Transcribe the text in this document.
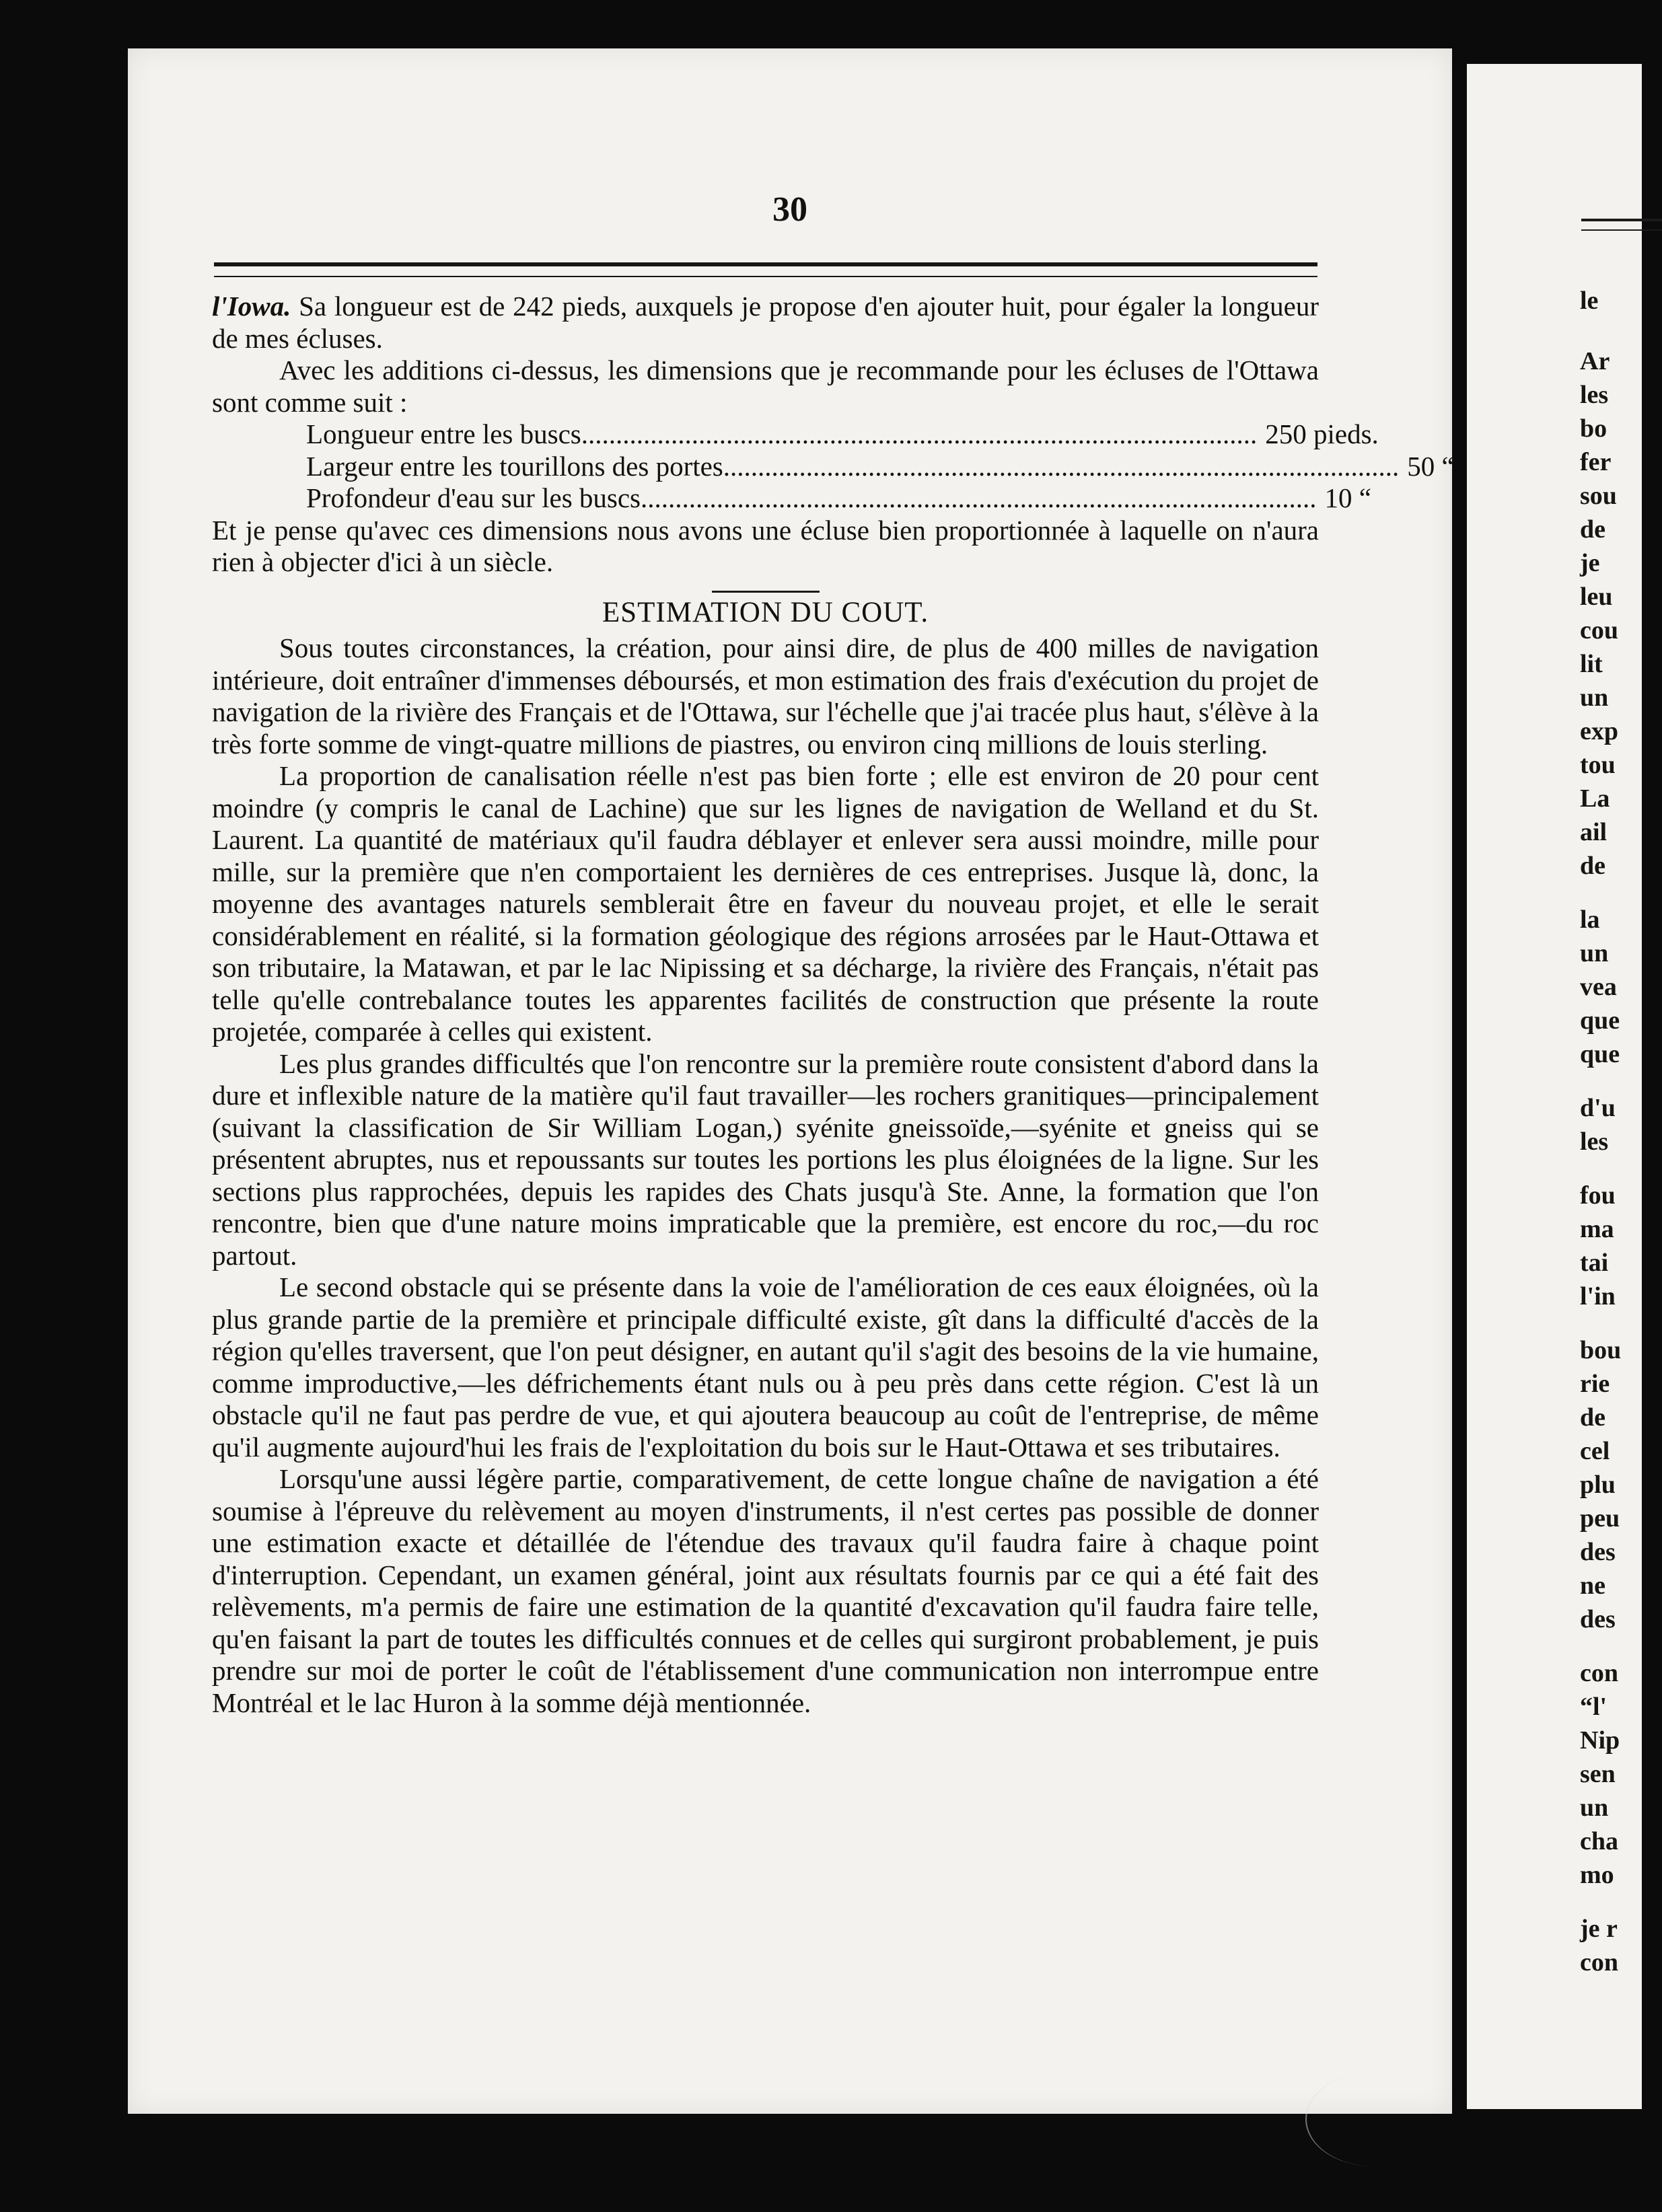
30

l'Iowa. Sa longueur est de 242 pieds, auxquels je propose d'en ajouter huit, pour égaler la longueur de mes écluses.

Avec les additions ci-dessus, les dimensions que je recommande pour les écluses de l'Ottawa sont comme suit :

Longueur entre les buscs .................................................................................................. 250 pieds.
Largeur entre les tourillons des portes .................................................................................................. 50 “
Profondeur d'eau sur les buscs .................................................................................................. 10 “

Et je pense qu'avec ces dimensions nous avons une écluse bien proportionnée à laquelle on n'aura rien à objecter d'ici à un siècle.

ESTIMATION DU COUT.

Sous toutes circonstances, la création, pour ainsi dire, de plus de 400 milles de navigation intérieure, doit entraîner d'immenses déboursés, et mon estimation des frais d'exécution du projet de navigation de la rivière des Français et de l'Ottawa, sur l'échelle que j'ai tracée plus haut, s'élève à la très forte somme de vingt-quatre millions de piastres, ou environ cinq millions de louis sterling.

La proportion de canalisation réelle n'est pas bien forte ; elle est environ de 20 pour cent moindre (y compris le canal de Lachine) que sur les lignes de navigation de Welland et du St. Laurent. La quantité de matériaux qu'il faudra déblayer et enlever sera aussi moindre, mille pour mille, sur la première que n'en comportaient les dernières de ces entreprises. Jusque là, donc, la moyenne des avantages naturels semblerait être en faveur du nouveau projet, et elle le serait considérablement en réalité, si la formation géologique des régions arrosées par le Haut-Ottawa et son tributaire, la Matawan, et par le lac Nipissing et sa décharge, la rivière des Français, n'était pas telle qu'elle contrebalance toutes les apparentes facilités de construction que présente la route projetée, comparée à celles qui existent.

Les plus grandes difficultés que l'on rencontre sur la première route consistent d'abord dans la dure et inflexible nature de la matière qu'il faut travailler—les rochers granitiques—principalement (suivant la classification de Sir William Logan,) syénite gneissoïde,—syénite et gneiss qui se présentent abruptes, nus et repoussants sur toutes les portions les plus éloignées de la ligne. Sur les sections plus rapprochées, depuis les rapides des Chats jusqu'à Ste. Anne, la formation que l'on rencontre, bien que d'une nature moins impraticable que la première, est encore du roc,—du roc partout.

Le second obstacle qui se présente dans la voie de l'amélioration de ces eaux éloignées, où la plus grande partie de la première et principale difficulté existe, gît dans la difficulté d'accès de la région qu'elles traversent, que l'on peut désigner, en autant qu'il s'agit des besoins de la vie humaine, comme improductive,—les défrichements étant nuls ou à peu près dans cette région. C'est là un obstacle qu'il ne faut pas perdre de vue, et qui ajoutera beaucoup au coût de l'entreprise, de même qu'il augmente aujourd'hui les frais de l'exploitation du bois sur le Haut-Ottawa et ses tributaires.

Lorsqu'une aussi légère partie, comparativement, de cette longue chaîne de navigation a été soumise à l'épreuve du relèvement au moyen d'instruments, il n'est certes pas possible de donner une estimation exacte et détaillée de l'étendue des travaux qu'il faudra faire à chaque point d'interruption. Cependant, un examen général, joint aux résultats fournis par ce qui a été fait des relèvements, m'a permis de faire une estimation de la quantité d'excavation qu'il faudra faire telle, qu'en faisant la part de toutes les difficultés connues et de celles qui surgiront probablement, je puis prendre sur moi de porter le coût de l'établissement d'une communication non interrompue entre Montréal et le lac Huron à la somme déjà mentionnée.

le
Ar
les
bo
fer
sou
de
je
leu
cou
lit
un
exp
tou
La
ail
de
la
un
vea
que
que
d'u
les
fou
ma
tai
l'in
bou
rie
de
cel
plu
peu
des
ne
des
con
“l'
Nip
sen
un
cha
mo
je r
con
